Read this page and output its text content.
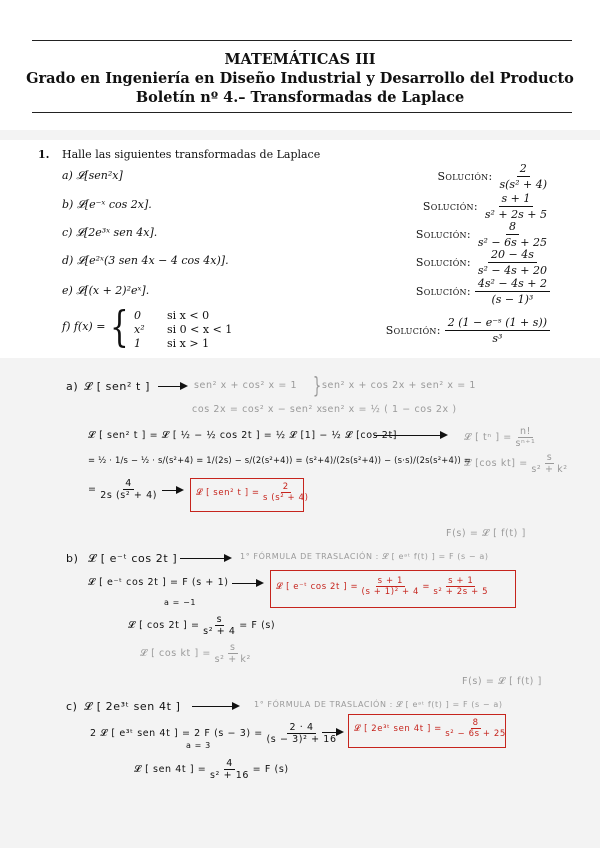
MATEMÁTICAS III
Grado en Ingeniería en Diseño Industrial y Desarrollo del Producto
Boletín nº 4.– Transformadas de Laplace
1. Halle las siguientes transformadas de Laplace
a) 𝓛[sen²x]	Solución: $\frac{2}{\text{s(s² + 4)}}$
b) 𝓛[e⁻ˣ cos 2x].	Solución: $\frac{s + 1}{\text{s² + 2s + 5}}$
c) 𝓛[2e³ˣ sen 4x].	Solución: $\frac{8}{\text{s² − 6s + 25}}$
d) 𝓛[e²ˣ(3 sen 4x − 4 cos 4x)].	Solución: $\frac{20 - 4s}{\text{s² − 4s + 20}}$
e) 𝓛[(x + 2)²eˣ].	Solución: $\frac{\text{4s² − 4s + 2}}{\text{(s − 1)³}}$
f) f(x) = { 0 si x < 0
x² si 0 < x < 1
1 si x > 1
Solución: $\frac{\text{2 (1 − e⁻ˢ (1 + s))}}{\text{s³}}$
a) 𝓛 [ sen² t ]	sen² x + cos² x = 1
cos 2x = cos² x − sen² x
} sen² x + cos 2x + sen² x = 1
sen² x = ½ ( 1 − cos 2x )
𝓛 [ sen² t ] = 𝓛 [ ½ − ½ cos 2t ] = ½ 𝓛 [1] − ½ 𝓛 [cos 2t]	𝓛 [ tⁿ ] = $\frac{n!}{\text{sⁿ⁺¹}}$
𝓛 [cos $kt] = \frac{s}{\text{s² + k²}}$
= ½ · 1/s − ½ · s/(s²+4) = 1/(2s) − s/(2(s²+4)) = (s²+4)/(2s(s²+4)) − (s·s)/(2s(s²+4)) =
= $\frac{4}{\text{2s (s² + 4)}}$	𝓛 [ sen² t ] = $\frac{2}{\text{s (s² + 4)}}$
F(s) = 𝓛 [ f(t) ]
b) 𝓛 [ e⁻ᵗ cos 2t ]	1° FÓRMULA DE TRASLACIÓN : 𝓛 [ eᵃᵗ f(t) ] = F (s − a)
𝓛 [ e⁻ᵗ cos 2t ] = F (s + 1)
a = −1
𝓛 [ e⁻ᵗ cos 2t ] = $\frac{s + 1}{\text{(s + 1)² + 4}} = \frac{s + 1}{\text{s² + 2s + 5}}$
𝓛 [ cos 2t ] = $\frac{s}{\text{s² + 4}} = F$ (s)
𝓛 [ cos kt ] = $\frac{s}{\text{s² + k²}}$
F(s) = 𝓛 [ f(t) ]
c) 𝓛 [ 2e³ᵗ sen 4t ]	1° FÓRMULA DE TRASLACIÓN : 𝓛 [ eᵃᵗ f(t) ] = F (s − a)
2 𝓛 [ e³ᵗ sen 4t ] = 2 F $(s - 3) = \frac{2 \cdot 4}{\text{(s − 3)² + 16}}$
a = 3
𝓛 [ 2e³ᵗ sen 4t ] = $\frac{8}{\text{s² − 6s + 25}}$
𝓛 [ sen 4t ] = $\frac{4}{\text{s² + 16}} = F$ (s)
